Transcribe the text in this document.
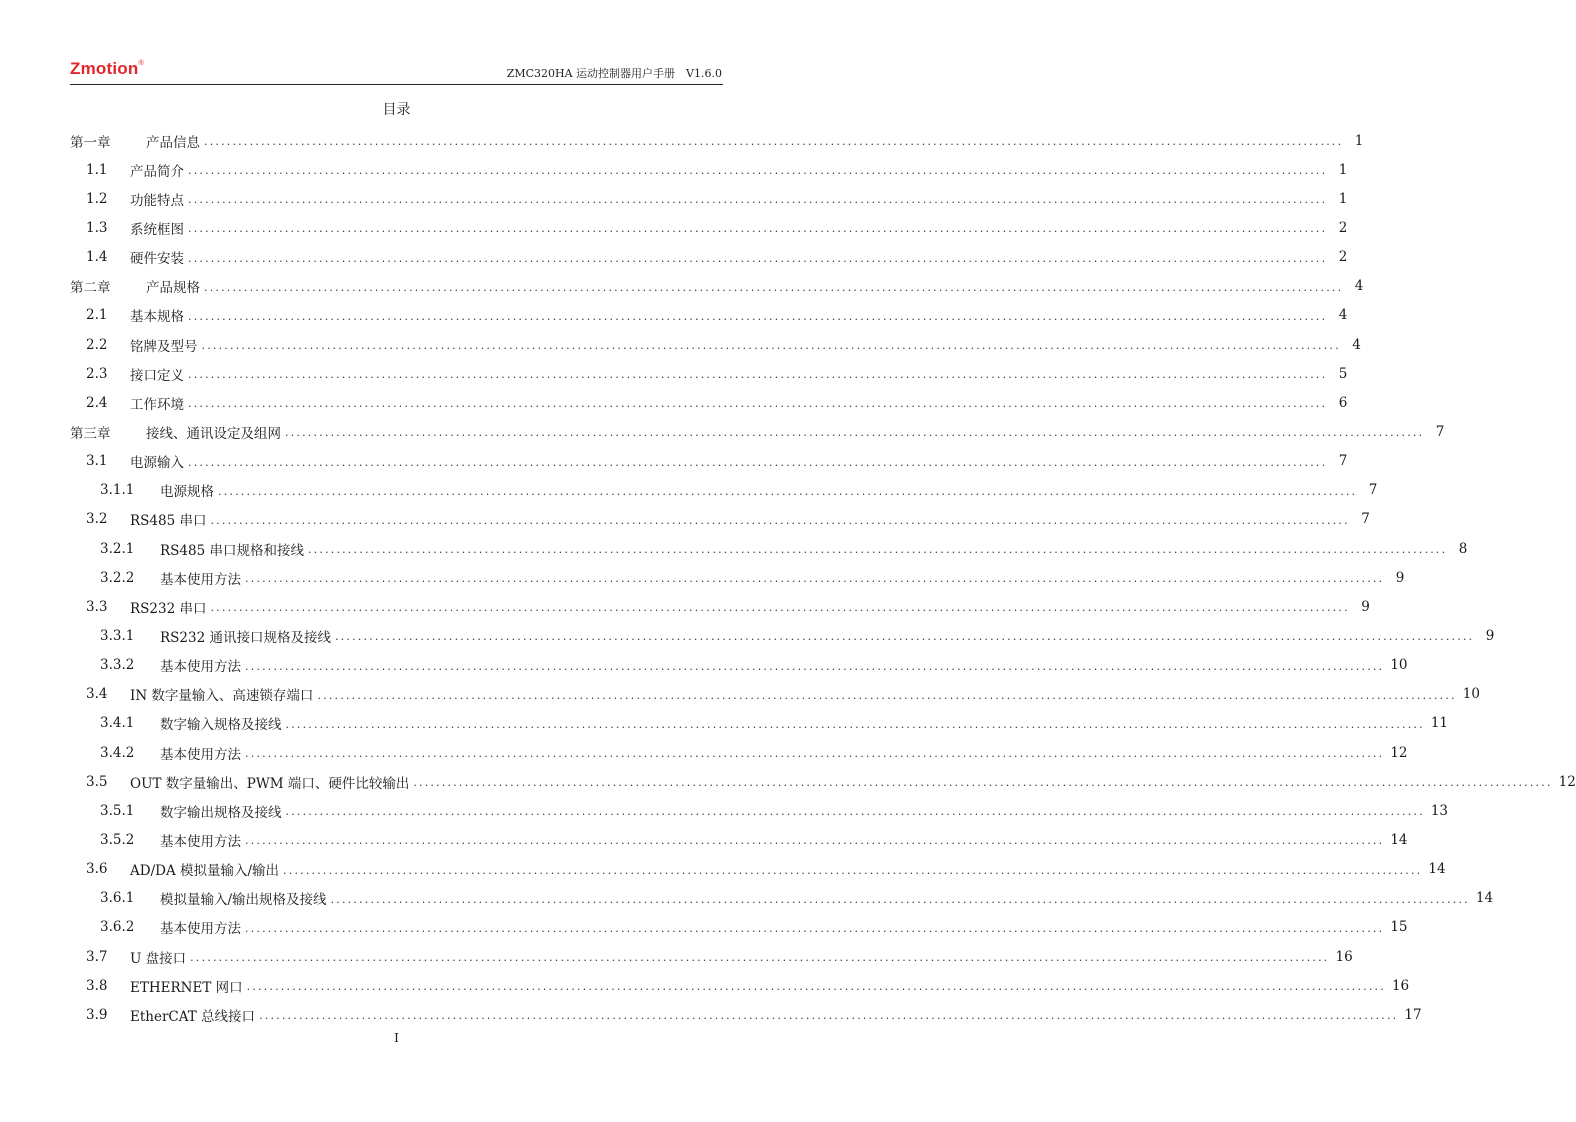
Zmotion®
ZMC320HA 运动控制器用户手册　V1.6.0
目录
第一章	产品信息 ........................................................................................................................................................................................................ 1
1.1	产品简介 ........................................................................................................................................................................................................ 1
1.2	功能特点 ........................................................................................................................................................................................................ 1
1.3	系统框图 ........................................................................................................................................................................................................ 2
1.4	硬件安装 ........................................................................................................................................................................................................ 2
第二章	产品规格 ........................................................................................................................................................................................................ 4
2.1	基本规格 ........................................................................................................................................................................................................ 4
2.2	铭牌及型号 ........................................................................................................................................................................................................ 4
2.3	接口定义 ........................................................................................................................................................................................................ 5
2.4	工作环境 ........................................................................................................................................................................................................ 6
第三章	接线、通讯设定及组网 ........................................................................................................................................................................................................ 7
3.1	电源输入 ........................................................................................................................................................................................................ 7
3.1.1	电源规格 ........................................................................................................................................................................................................ 7
3.2	RS485 串口 ........................................................................................................................................................................................................ 7
3.2.1	RS485 串口规格和接线 ........................................................................................................................................................................................................ 8
3.2.2	基本使用方法 ........................................................................................................................................................................................................ 9
3.3	RS232 串口 ........................................................................................................................................................................................................ 9
3.3.1	RS232 通讯接口规格及接线 ........................................................................................................................................................................................................ 9
3.3.2	基本使用方法 ........................................................................................................................................................................................................ 10
3.4	IN 数字量输入、高速锁存端口 ........................................................................................................................................................................................................ 10
3.4.1	数字输入规格及接线 ........................................................................................................................................................................................................ 11
3.4.2	基本使用方法 ........................................................................................................................................................................................................ 12
3.5	OUT 数字量输出、PWM 端口、硬件比较输出 ........................................................................................................................................................................................................ 12
3.5.1	数字输出规格及接线 ........................................................................................................................................................................................................ 13
3.5.2	基本使用方法 ........................................................................................................................................................................................................ 14
3.6	AD/DA 模拟量输入/输出 ........................................................................................................................................................................................................ 14
3.6.1	模拟量输入/输出规格及接线 ........................................................................................................................................................................................................ 14
3.6.2	基本使用方法 ........................................................................................................................................................................................................ 15
3.7	U 盘接口 ........................................................................................................................................................................................................ 16
3.8	ETHERNET 网口 ........................................................................................................................................................................................................ 16
3.9	EtherCAT 总线接口 ........................................................................................................................................................................................................ 17
I
